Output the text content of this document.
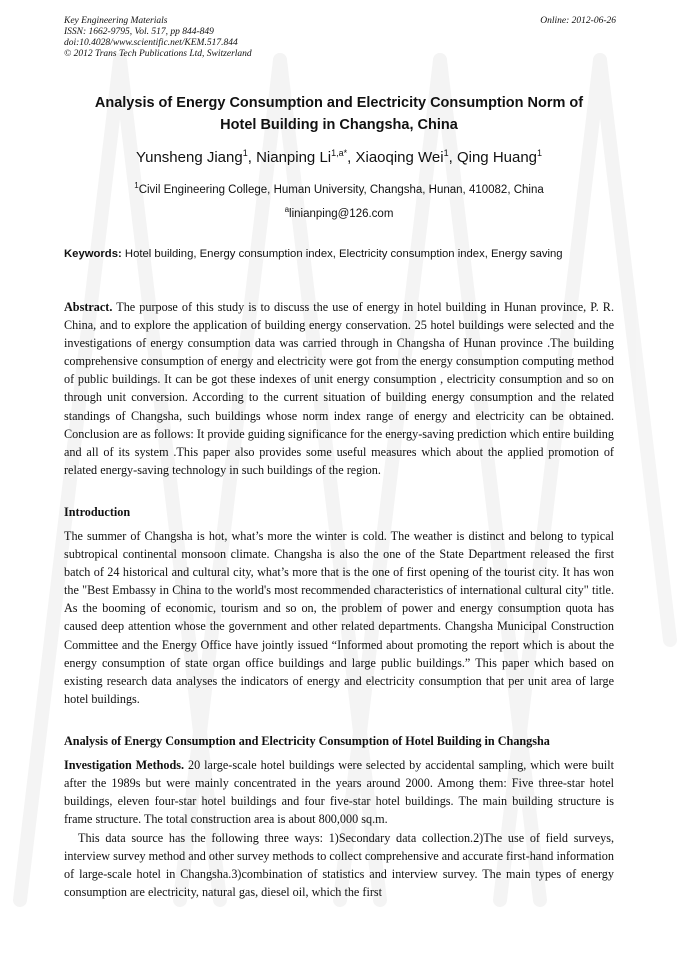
Key Engineering Materials
ISSN: 1662-9795, Vol. 517, pp 844-849
doi:10.4028/www.scientific.net/KEM.517.844
© 2012 Trans Tech Publications Ltd, Switzerland
Online: 2012-06-26
Analysis of Energy Consumption and Electricity Consumption Norm of
Hotel Building in Changsha, China
Yunsheng Jiang$^1$, Nianping $Li^{1,a*}$, Xiaoqing Wei$^1$, Qing Huang$^1$
$^1$Civil Engineering College, Human University, Changsha, Hunan, 410082, China
$^a$linianping@126.com
Keywords: Hotel building, Energy consumption index, Electricity consumption index, Energy saving
Abstract. The purpose of this study is to discuss the use of energy in hotel building in Hunan province, P. R. China, and to explore the application of building energy conservation. 25 hotel buildings were selected and the investigations of energy consumption data was carried through in Changsha of Hunan province .The building comprehensive consumption of energy and electricity were got from the energy consumption computing method of public buildings. It can be got these indexes of unit energy consumption , electricity consumption and so on through unit conversion. According to the current situation of building energy consumption and the related standings of Changsha, such buildings whose norm index range of energy and electricity can be obtained. Conclusion are as follows: It provide guiding significance for the energy-saving prediction which entire building and all of its system .This paper also provides some useful measures which about the applied promotion of related energy-saving technology in such buildings of the region.
Introduction
The summer of Changsha is hot, what’s more the winter is cold. The weather is distinct and belong to typical subtropical continental monsoon climate. Changsha is also the one of the State Department released the first batch of 24 historical and cultural city, what’s more that is the one of first opening of the tourist city. It has won the "Best Embassy in China to the world's most recommended characteristics of international cultural city" title. As the booming of economic, tourism and so on, the problem of power and energy consumption quota has caused deep attention whose the government and other related departments. Changsha Municipal Construction Committee and the Energy Office have jointly issued “Informed about promoting the report which is about the energy consumption of state organ office buildings and large public buildings.” This paper which based on existing research data analyses the indicators of energy and electricity consumption that per unit area of large hotel buildings.
Analysis of Energy Consumption and Electricity Consumption of Hotel Building in Changsha
Investigation Methods. 20 large-scale hotel buildings were selected by accidental sampling, which were built after the 1989s but were mainly concentrated in the years around 2000. Among them: Five three-star hotel buildings, eleven four-star hotel buildings and four five-star hotel buildings. The main building structure is frame structure. The total construction area is about 800,000 sq.m.
This data source has the following three ways: 1)Secondary data collection.2)The use of field surveys, interview survey method and other survey methods to collect comprehensive and accurate first-hand information of large-scale hotel in Changsha.3)combination of statistics and interview survey. The main types of energy consumption are electricity, natural gas, diesel oil, which the first
